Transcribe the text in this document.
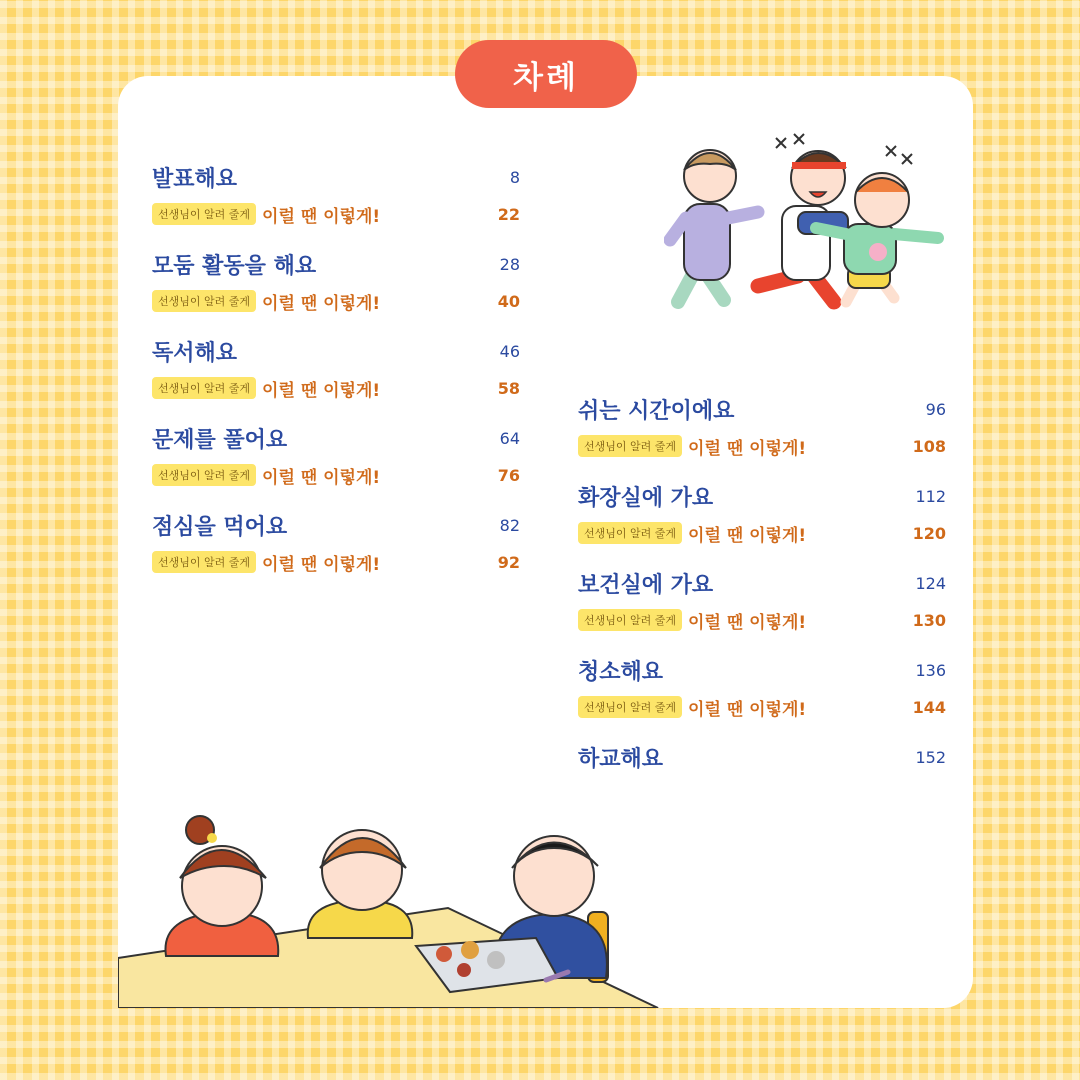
차례
발표해요	8
선생님이 알려 줄게 이럴 땐 이렇게!	22
모둠 활동을 해요	28
선생님이 알려 줄게 이럴 땐 이렇게!	40
독서해요	46
선생님이 알려 줄게 이럴 땐 이렇게!	58
문제를 풀어요	64
선생님이 알려 줄게 이럴 땐 이렇게!	76
점심을 먹어요	82
선생님이 알려 줄게 이럴 땐 이렇게!	92
쉬는 시간이에요	96
선생님이 알려 줄게 이럴 땐 이렇게!	108
화장실에 가요	112
선생님이 알려 줄게 이럴 땐 이렇게!	120
보건실에 가요	124
선생님이 알려 줄게 이럴 땐 이렇게!	130
청소해요	136
선생님이 알려 줄게 이럴 땐 이렇게!	144
하교해요	152
